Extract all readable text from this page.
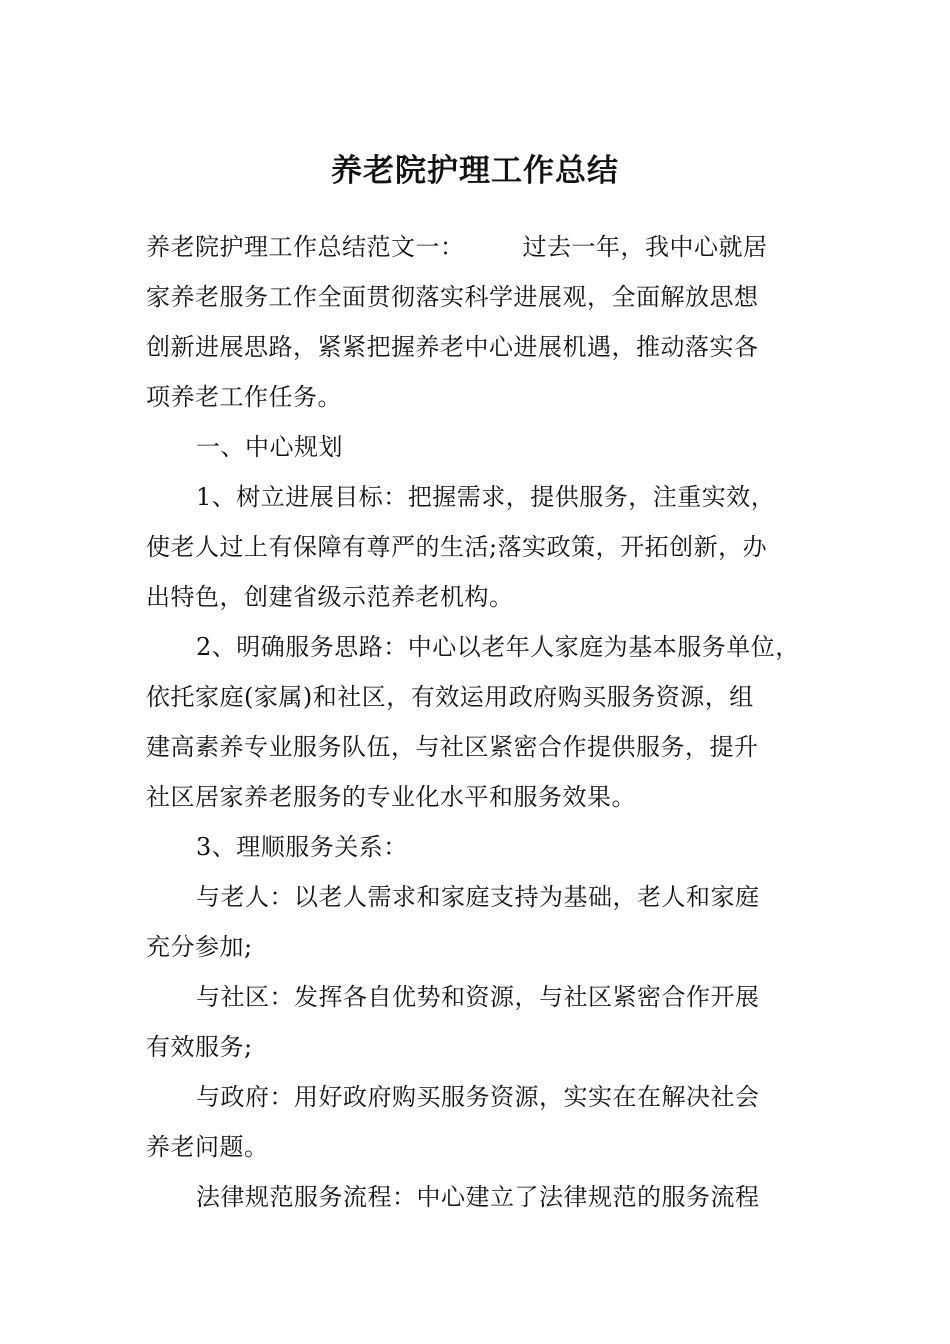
养老院护理工作总结

养老院护理工作总结范文一： 过去一年，我中心就居
家养老服务工作全面贯彻落实科学进展观，全面解放思想
创新进展思路，紧紧把握养老中心进展机遇，推动落实各
项养老工作任务。

一、中心规划

1、树立进展目标：把握需求，提供服务，注重实效，
使老人过上有保障有尊严的生活;落实政策，开拓创新，办
出特色，创建省级示范养老机构。

2、明确服务思路：中心以老年人家庭为基本服务单位，
依托家庭(家属)和社区，有效运用政府购买服务资源，组
建高素养专业服务队伍，与社区紧密合作提供服务，提升
社区居家养老服务的专业化水平和服务效果。

3、理顺服务关系：

与老人：以老人需求和家庭支持为基础，老人和家庭
充分参加;

与社区：发挥各自优势和资源，与社区紧密合作开展
有效服务;

与政府：用好政府购买服务资源，实实在在解决社会
养老问题。

法律规范服务流程：中心建立了法律规范的服务流程
